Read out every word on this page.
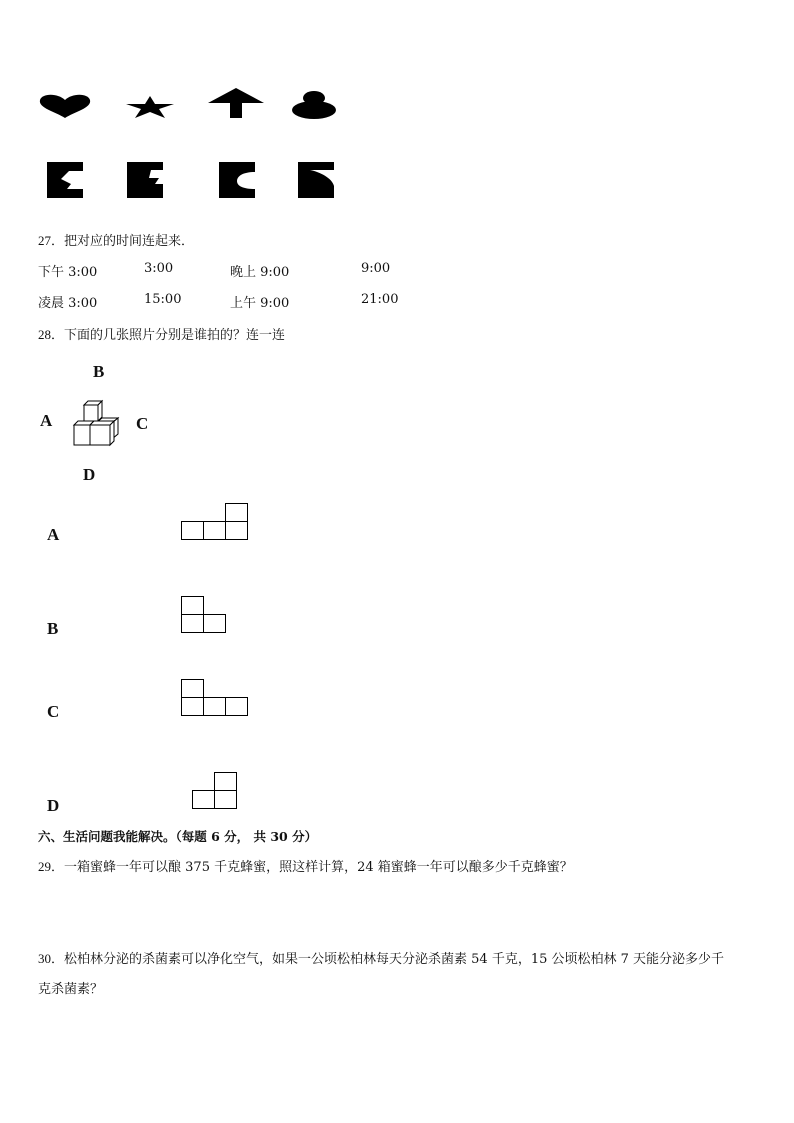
27．把对应的时间连起来．
下午 3:00	3:00	晚上 9:00	9:00
凌晨 3:00	15:00	上午 9:00	21:00
28．下面的几张照片分别是谁拍的？连一连
B
A	C
D
A
B
C
D
六、生活问题我能解决。（每题 6 分， 共 30 分）
29．一箱蜜蜂一年可以酿 375 千克蜂蜜，照这样计算，24 箱蜜蜂一年可以酿多少千克蜂蜜？
30．松柏林分泌的杀菌素可以净化空气，如果一公顷松柏林每天分泌杀菌素 54 千克，15 公顷松柏林 7 天能分泌多少千
克杀菌素？
